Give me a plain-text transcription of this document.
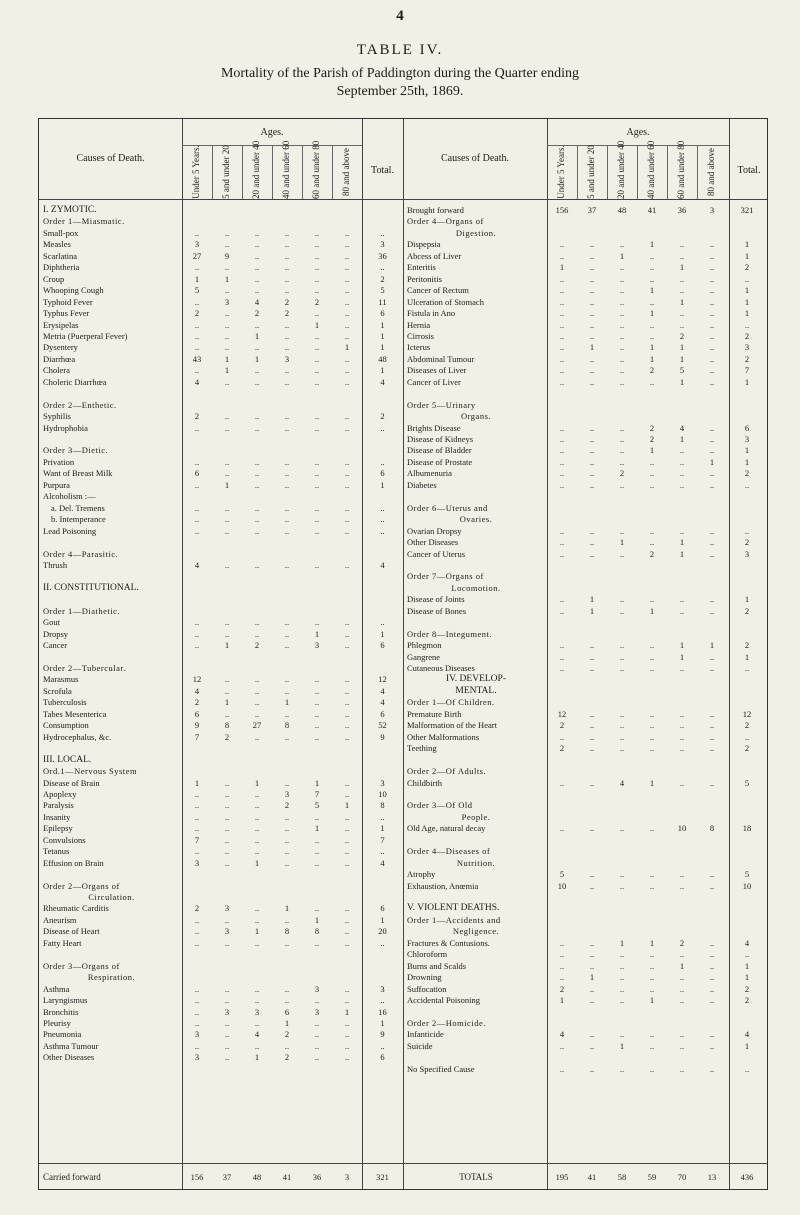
4
TABLE IV.
Mortality of the Parish of Paddington during the Quarter ending
September 25th, 1869.
Causes of Death.	Causes of Death.
Ages.	Ages.
Total.	Total.
Under 5 Years. 5 and under 20 20 and under 40 40 and under 60 60 and under 80 80 and above	Under 5 Years. 5 and under 20 20 and under 40 40 and under 60 60 and under 80 80 and above
I. ZYMOTIC.
Order 1—Miasmatic.
Small-pox	..	..	..	..	..	..	..
Measles	3	..	..	..	..	..	3
Scarlatina	27	9	..	..	..	..	36
Diphtheria	..	..	..	..	..	..	..
Croup	1	1	..	..	..	..	2
Whooping Cough	5	..	..	..	..	..	5
Typhoid Fever	..	3	4	2	2	..	11
Typhus Fever	2	..	2	2	..	..	6
Erysipelas	..	..	..	..	1	..	1
Metria (Puerperal Fever)	..	..	1	..	..	..	1
Dysentery	..	..	..	..	..	1	1
Diarrhœa	43	1	1	3	..	..	48
Cholera	..	1	..	..	..	..	1
Choleric Diarrhœa	4	..	..	..	..	..	4
Order 2—Enthetic.
Syphilis	2	..	..	..	..	..	2
Hydrophobia	..	..	..	..	..	..	..
Order 3—Dietic.
Privation	..	..	..	..	..	..	..
Want of Breast Milk	6	..	..	..	..	..	6
Purpura	..	1	..	..	..	..	1
Alcoholism :—
a. Del. Tremens	..	..	..	..	..	..	..
b. Intemperance	..	..	..	..	..	..	..
Lead Poisoning	..	..	..	..	..	..	..
Order 4—Parasitic.
Thrush	4	..	..	..	..	..	4
II. CONSTITUTIONAL.
Order 1—Diathetic.
Gout	..	..	..	..	..	..	..
Dropsy	..	..	..	..	1	..	1
Cancer	..	1	2	..	3	..	6
Order 2—Tubercular.
Marasmus	12	..	..	..	..	..	12
Scrofula	4	..	..	..	..	..	4
Tuberculosis	2	1	..	1	..	..	4
Tabes Mesenterica	6	..	..	..	..	..	6
Consumption	9	8	27	8	..	..	52
Hydrocephalus, &c.	7	2	..	..	..	..	9
III. LOCAL.
Ord.1—Nervous System
Disease of Brain	1	..	1	..	1	..	3
Apoplexy	..	..	..	3	7	..	10
Paralysis	..	..	..	2	5	1	8
Insanity	..	..	..	..	..	..	..
Epilepsy	..	..	..	..	1	..	1
Convulsions	7	..	..	..	..	..	7
Tetanus	..	..	..	..	..	..	..
Effusion on Brain	3	..	1	..	..	..	4
Order 2—Organs of
Circulation.
Rheumatic Carditis	2	3	..	1	..	..	6
Aneurism	..	..	..	..	1	..	1
Disease of Heart	..	3	1	8	8	..	20
Fatty Heart	..	..	..	..	..	..	..
Order 3—Organs of
Respiration.
Asthma	..	..	..	..	3	..	3
Laryngismus	..	..	..	..	..	..	..
Bronchitis	..	3	3	6	3	1	16
Pleurisy	..	..	..	1	..	..	1
Pneumonia	3	..	4	2	..	..	9
Asthma Tumour	..	..	..	..	..	..	..
Other Diseases	3	..	1	2	..	..	6
Carried forward	156	37	48	41	36	3	321
Brought forward	156	37	48	41	36	3	321
Order 4—Organs of
Digestion.
Dispepsia	..	..	..	1	..	..	1
Abcess of Liver	..	..	1	..	..	..	1
Enteritis	1	..	..	..	1	..	2
Peritonitis	..	..	..	..	..	..	..
Cancer of Rectum	..	..	..	1	..	..	1
Ulceration of Stomach	..	..	..	..	1	..	1
Fistula in Ano	..	..	..	1	..	..	1
Hernia	..	..	..	..	..	..	..
Cirrosis	..	..	..	..	2	..	2
Icterus	..	1	..	1	1	..	3
Abdominal Tumour	..	..	..	1	1	..	2
Diseases of Liver	..	..	..	2	5	..	7
Cancer of Liver	..	..	..	..	1	..	1
Order 5—Urinary
Organs.
Brights Disease	..	..	..	2	4	..	6
Disease of Kidneys	..	..	..	2	1	..	3
Disease of Bladder	..	..	..	1	..	..	1
Disease of Prostate	..	..	..	..	..	1	1
Albumenuria	..	..	2	..	..	..	2
Diabetes	..	..	..	..	..	..	..
Order 6—Uterus and
Ovaries.
Ovarian Dropsy	..	..	..	..	..	..	..
Other Diseases	..	..	1	..	1	..	2
Cancer of Uterus	..	..	..	2	1	..	3
Order 7—Organs of
Locomotion.
Disease of Joints	..	1	..	..	..	..	1
Disease of Bones	..	1	..	1	..	..	2
Order 8—Integument.
Phlegmon	..	..	..	..	1	1	2
Gangrene	..	..	..	..	1	..	1
Cutaneous Diseases	..	..	..	..	..	..	..
IV. DEVELOP-
MENTAL.
Order 1—Of Children.
Premature Birth	12	..	..	..	..	..	12
Malformation of the Heart	2	..	..	..	..	..	2
Other Malformations	..	..	..	..	..	..	..
Teething	2	..	..	..	..	..	2
Order 2—Of Adults.
Childbirth	..	..	4	1	..	..	5
Order 3—Of Old
People.
Old Age, natural decay	..	..	..	..	10	8	18
Order 4—Diseases of
Nutrition.
Atrophy	5	..	..	..	..	..	5
Exhaustion, Anœmia	10	..	..	..	..	..	10
V. VIOLENT DEATHS.
Order 1—Accidents and
Negligence.
Fractures & Contusions.	..	..	1	1	2	..	4
Chloroform	..	..	..	..	..	..	..
Burns and Scalds	..	..	..	..	1	..	1
Drowning	..	1	..	..	..	..	1
Suffocation	2	..	..	..	..	..	2
Accidental Poisoning	1	..	..	1	..	..	2
Order 2—Homicide.
Infanticide	4	..	..	..	..	..	4
Suicide	..	..	1	..	..	..	1
No Specified Cause	..	..	..	..	..	..	..
TOTALS	195	41	58	59	70	13	436
